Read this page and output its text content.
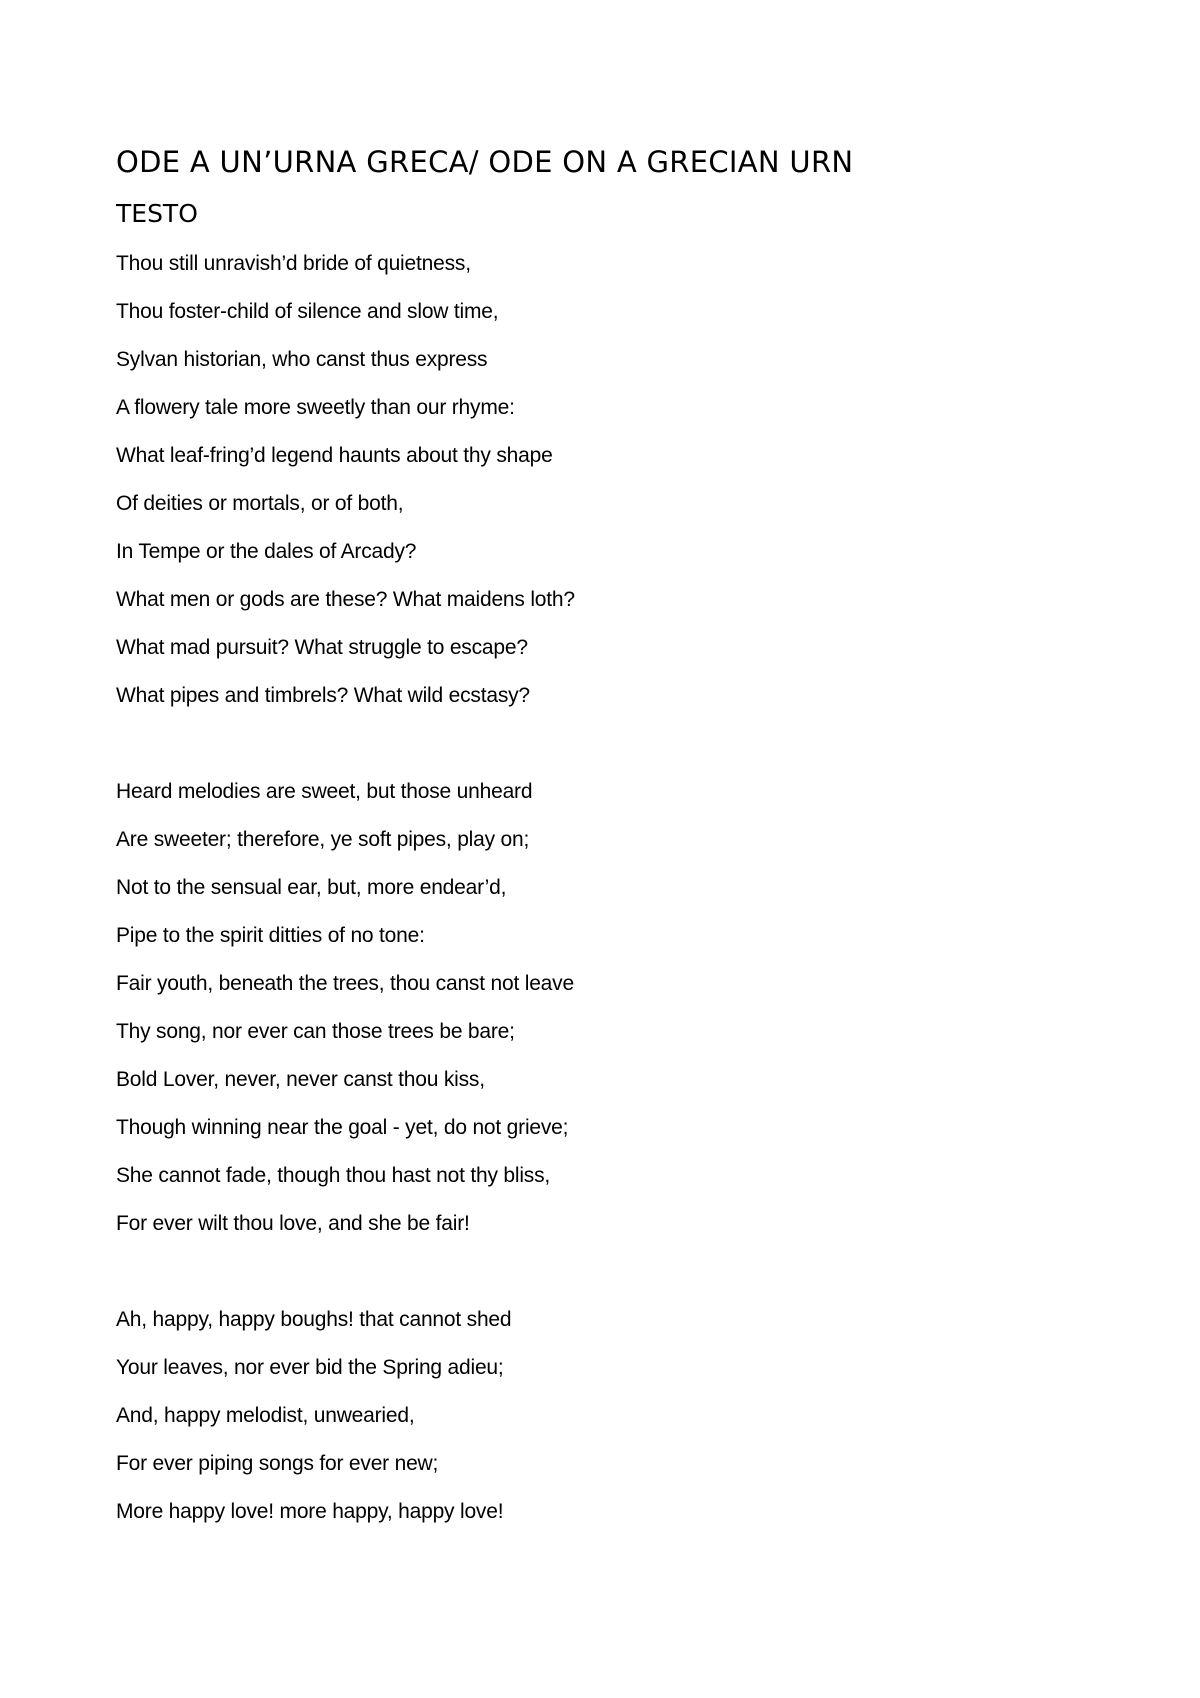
ODE A UN’URNA GRECA/ ODE ON A GRECIAN URN
TESTO
Thou still unravish’d bride of quietness,
Thou foster-child of silence and slow time,
Sylvan historian, who canst thus express
A flowery tale more sweetly than our rhyme:
What leaf-fring’d legend haunts about thy shape
Of deities or mortals, or of both,
In Tempe or the dales of Arcady?
What men or gods are these? What maidens loth?
What mad pursuit? What struggle to escape?
What pipes and timbrels? What wild ecstasy?
Heard melodies are sweet, but those unheard
Are sweeter; therefore, ye soft pipes, play on;
Not to the sensual ear, but, more endear’d,
Pipe to the spirit ditties of no tone:
Fair youth, beneath the trees, thou canst not leave
Thy song, nor ever can those trees be bare;
Bold Lover, never, never canst thou kiss,
Though winning near the goal - yet, do not grieve;
She cannot fade, though thou hast not thy bliss,
For ever wilt thou love, and she be fair!
Ah, happy, happy boughs! that cannot shed
Your leaves, nor ever bid the Spring adieu;
And, happy melodist, unwearied,
For ever piping songs for ever new;
More happy love! more happy, happy love!
